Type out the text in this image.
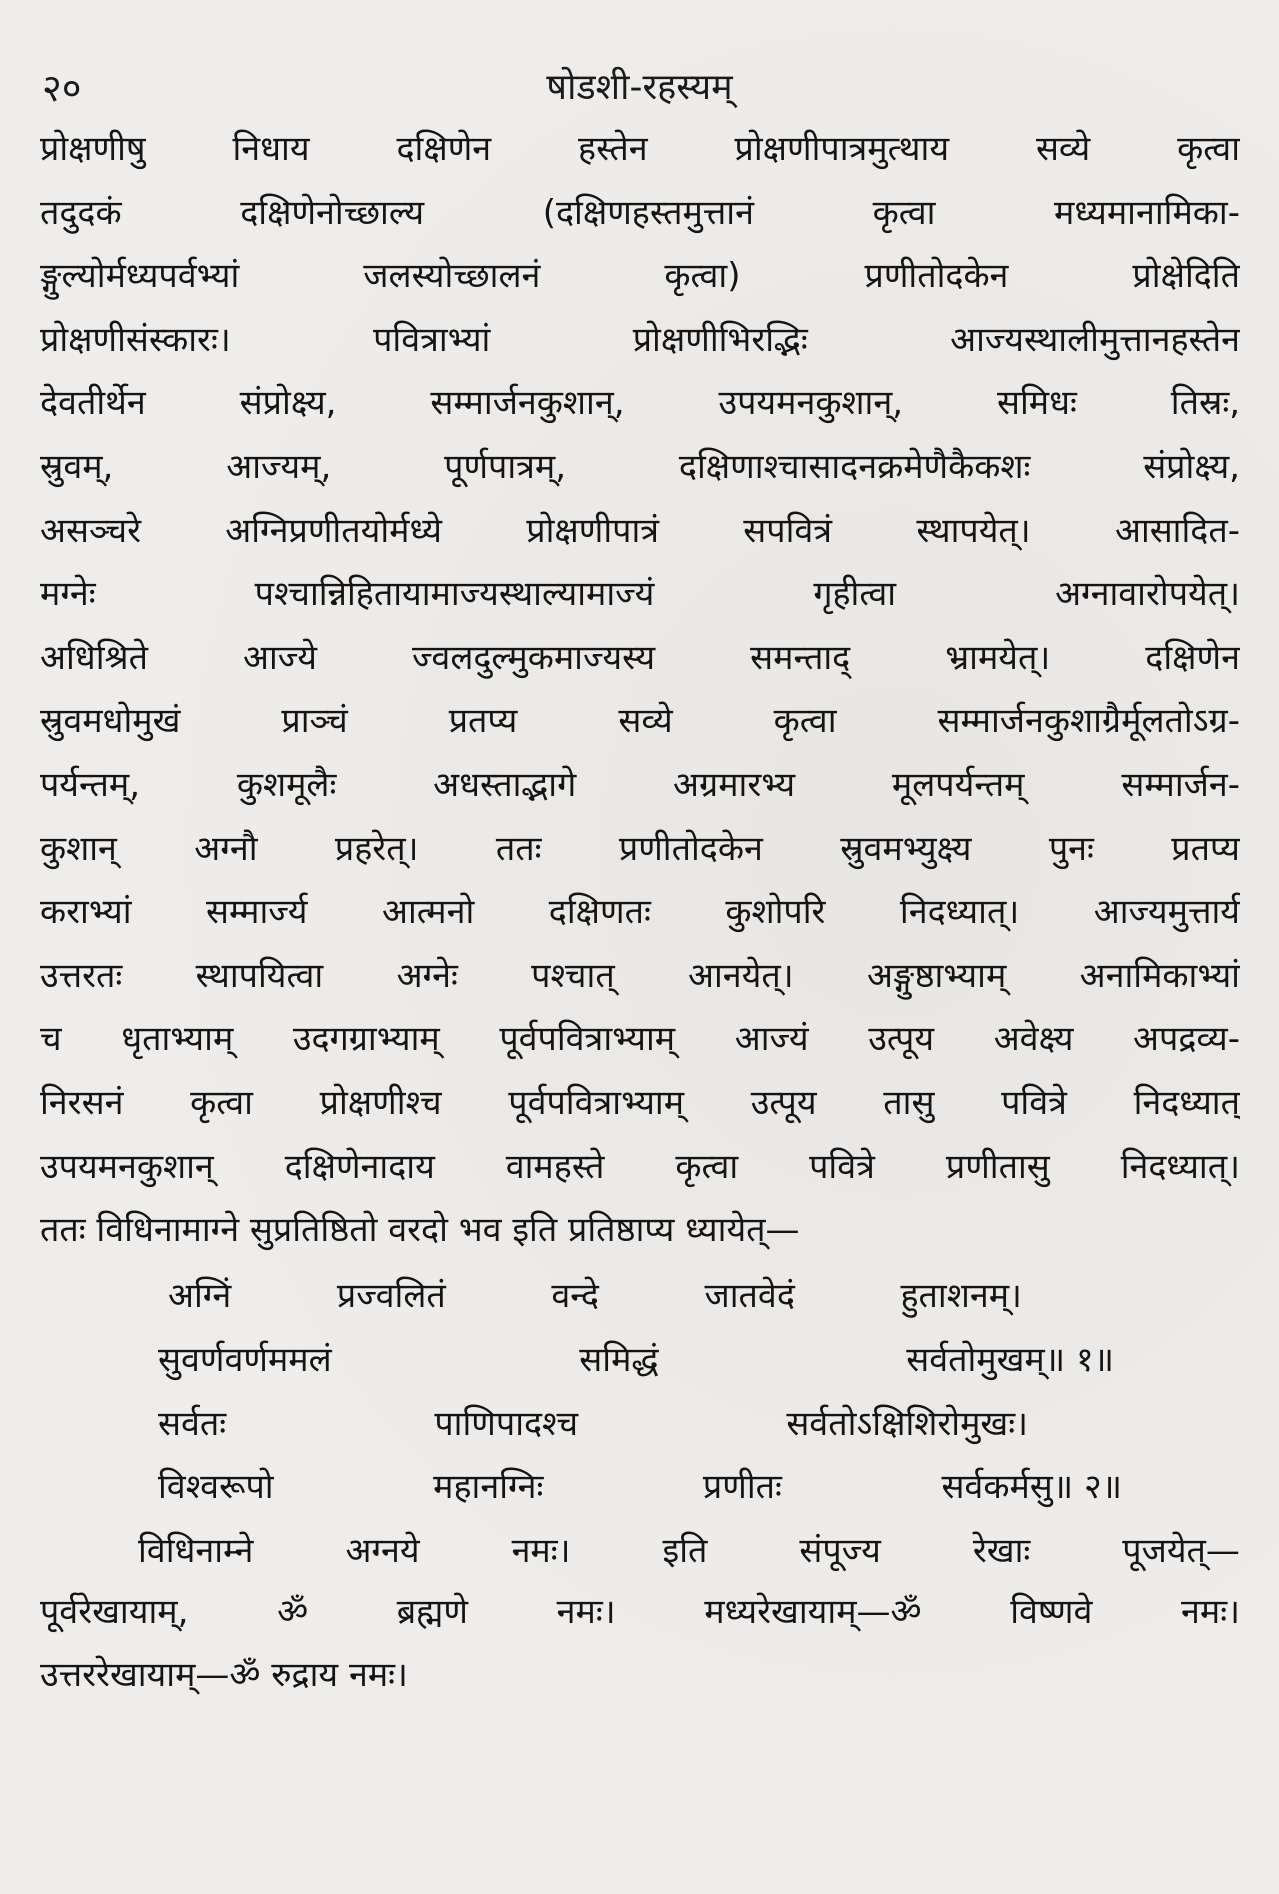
२०	षोडशी-रहस्यम्
प्रोक्षणीषु निधाय दक्षिणेन हस्तेन प्रोक्षणीपात्रमुत्थाय सव्ये कृत्वा
तदुदकं दक्षिणेनोच्छाल्य (दक्षिणहस्तमुत्तानं कृत्वा मध्यमानामिका-
ङ्गुल्योर्मध्यपर्वभ्यां जलस्योच्छालनं कृत्वा) प्रणीतोदकेन प्रोक्षेदिति
प्रोक्षणीसंस्कारः। पवित्राभ्यां प्रोक्षणीभिरद्भिः आज्यस्थालीमुत्तानहस्तेन
देवतीर्थेन संप्रोक्ष्य, सम्मार्जनकुशान्, उपयमनकुशान्, समिधः तिस्रः,
स्रुवम्, आज्यम्, पूर्णपात्रम्, दक्षिणाश्चासादनक्रमेणैकैकशः संप्रोक्ष्य,
असञ्चरे अग्निप्रणीतयोर्मध्ये प्रोक्षणीपात्रं सपवित्रं स्थापयेत्। आसादित-
मग्नेः पश्चान्निहितायामाज्यस्थाल्यामाज्यं गृहीत्वा अग्नावारोपयेत्।
अधिश्रिते आज्ये ज्वलदुल्मुकमाज्यस्य समन्ताद् भ्रामयेत्। दक्षिणेन
स्रुवमधोमुखं प्राञ्चं प्रतप्य सव्ये कृत्वा सम्मार्जनकुशाग्रैर्मूलतोऽग्र-
पर्यन्तम्, कुशमूलैः अधस्ताद्भागे अग्रमारभ्य मूलपर्यन्तम् सम्मार्जन-
कुशान् अग्नौ प्रहरेत्। ततः प्रणीतोदकेन स्रुवमभ्युक्ष्य पुनः प्रतप्य
कराभ्यां सम्मार्ज्य आत्मनो दक्षिणतः कुशोपरि निदध्यात्। आज्यमुत्तार्य
उत्तरतः स्थापयित्वा अग्नेः पश्चात् आनयेत्। अङ्गुष्ठाभ्याम् अनामिकाभ्यां
च धृताभ्याम् उदगग्राभ्याम् पूर्वपवित्राभ्याम् आज्यं उत्पूय अवेक्ष्य अपद्रव्य-
निरसनं कृत्वा प्रोक्षणीश्च पूर्वपवित्राभ्याम् उत्पूय तासु पवित्रे निदध्यात्
उपयमनकुशान् दक्षिणेनादाय वामहस्ते कृत्वा पवित्रे प्रणीतासु निदध्यात्।
ततः विधिनामाग्ने सुप्रतिष्ठितो वरदो भव इति प्रतिष्ठाप्य ध्यायेत्—
अग्निं	प्रज्वलितं	वन्दे	जातवेदं	हुताशनम्।
सुवर्णवर्णममलं	समिद्धं	सर्वतोमुखम्॥ १॥
सर्वतः	पाणिपादश्च	सर्वतोऽक्षिशिरोमुखः।
विश्वरूपो	महानग्निः	प्रणीतः	सर्वकर्मसु॥ २॥
विधिनाम्ने	अग्नये	नमः।	इति	संपूज्य	रेखाः	पूजयेत्—
पूर्वरेखायाम्, ॐ ब्रह्मणे नमः। मध्यरेखायाम्—ॐ विष्णवे नमः।
उत्तररेखायाम्—ॐ रुद्राय नमः।
